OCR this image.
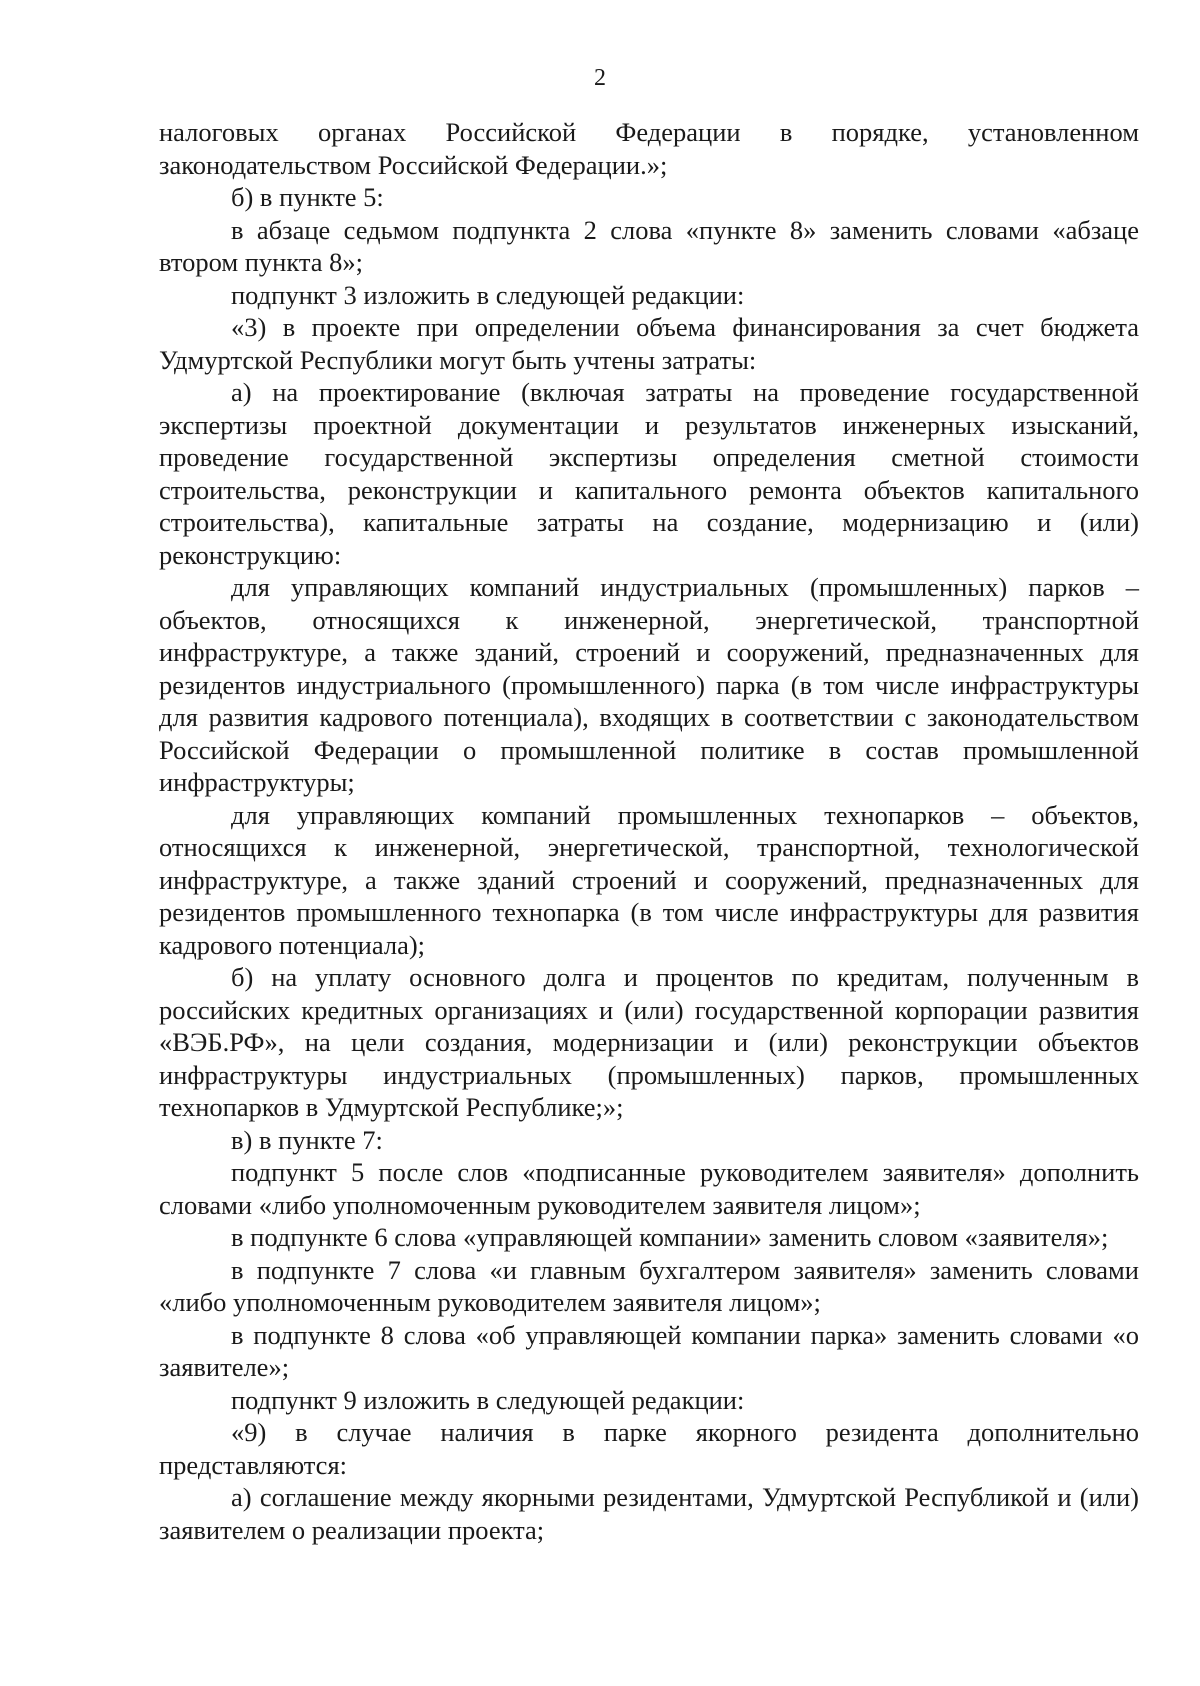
2

налоговых органах Российской Федерации в порядке, установленном законодательством Российской Федерации.»;

б) в пункте 5:

в абзаце седьмом подпункта 2 слова «пункте 8» заменить словами «абзаце втором пункта 8»;

подпункт 3 изложить в следующей редакции:

«3) в проекте при определении объема финансирования за счет бюджета Удмуртской Республики могут быть учтены затраты:

а) на проектирование (включая затраты на проведение государственной экспертизы проектной документации и результатов инженерных изысканий, проведение государственной экспертизы определения сметной стоимости строительства, реконструкции и капитального ремонта объектов капитального строительства), капитальные затраты на создание, модернизацию и (или) реконструкцию:

для управляющих компаний индустриальных (промышленных) парков – объектов, относящихся к инженерной, энергетической, транспортной инфраструктуре, а также зданий, строений и сооружений, предназначенных для резидентов индустриального (промышленного) парка (в том числе инфраструктуры для развития кадрового потенциала), входящих в соответствии с законодательством Российской Федерации о промышленной политике в состав промышленной инфраструктуры;

для управляющих компаний промышленных технопарков – объектов, относящихся к инженерной, энергетической, транспортной, технологической инфраструктуре, а также зданий строений и сооружений, предназначенных для резидентов промышленного технопарка (в том числе инфраструктуры для развития кадрового потенциала);

б) на уплату основного долга и процентов по кредитам, полученным в российских кредитных организациях и (или) государственной корпорации развития «ВЭБ.РФ», на цели создания, модернизации и (или) реконструкции объектов инфраструктуры индустриальных (промышленных) парков, промышленных технопарков в Удмуртской Республике;»;

в) в пункте 7:

подпункт 5 после слов «подписанные руководителем заявителя» дополнить словами «либо уполномоченным руководителем заявителя лицом»;

в подпункте 6 слова «управляющей компании» заменить словом «заявителя»;

в подпункте 7 слова «и главным бухгалтером заявителя» заменить словами «либо уполномоченным руководителем заявителя лицом»;

в подпункте 8 слова «об управляющей компании парка» заменить словами «о заявителе»;

подпункт 9 изложить в следующей редакции:

«9) в случае наличия в парке якорного резидента дополнительно представляются:

а) соглашение между якорными резидентами, Удмуртской Республикой и (или) заявителем о реализации проекта;
